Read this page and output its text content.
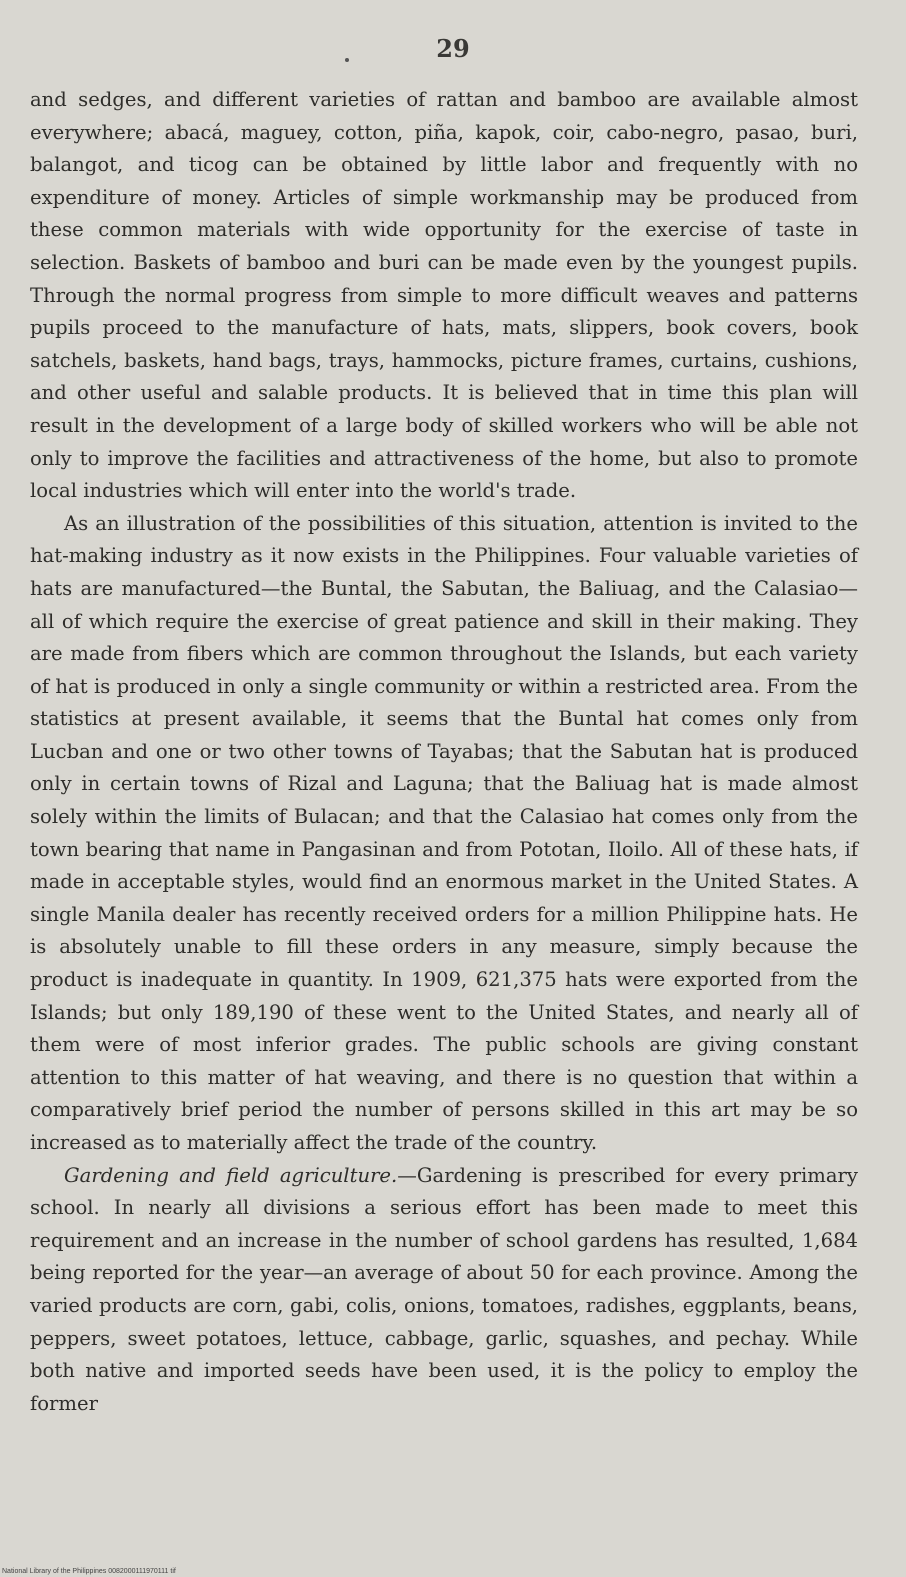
29

and sedges, and different varieties of rattan and bamboo are available almost everywhere; abacá, maguey, cotton, piña, kapok, coir, cabo-negro, pasao, buri, balangot, and ticog can be obtained by little labor and frequently with no expenditure of money. Articles of simple workmanship may be produced from these common materials with wide opportunity for the exercise of taste in selection. Baskets of bamboo and buri can be made even by the youngest pupils. Through the normal progress from simple to more difficult weaves and patterns pupils proceed to the manufacture of hats, mats, slippers, book covers, book satchels, baskets, hand bags, trays, hammocks, picture frames, curtains, cushions, and other useful and salable products. It is believed that in time this plan will result in the development of a large body of skilled workers who will be able not only to improve the facilities and attractiveness of the home, but also to promote local industries which will enter into the world's trade.

As an illustration of the possibilities of this situation, attention is invited to the hat-making industry as it now exists in the Philippines. Four valuable varieties of hats are manufactured—the Buntal, the Sabutan, the Baliuag, and the Calasiao—all of which require the exercise of great patience and skill in their making. They are made from fibers which are common throughout the Islands, but each variety of hat is produced in only a single community or within a restricted area. From the statistics at present available, it seems that the Buntal hat comes only from Lucban and one or two other towns of Tayabas; that the Sabutan hat is produced only in certain towns of Rizal and Laguna; that the Baliuag hat is made almost solely within the limits of Bulacan; and that the Calasiao hat comes only from the town bearing that name in Pangasinan and from Pototan, Iloilo. All of these hats, if made in acceptable styles, would find an enormous market in the United States. A single Manila dealer has recently received orders for a million Philippine hats. He is absolutely unable to fill these orders in any measure, simply because the product is inadequate in quantity. In 1909, 621,375 hats were exported from the Islands; but only 189,190 of these went to the United States, and nearly all of them were of most inferior grades. The public schools are giving constant attention to this matter of hat weaving, and there is no question that within a comparatively brief period the number of persons skilled in this art may be so increased as to materially affect the trade of the country.

Gardening and field agriculture.—Gardening is prescribed for every primary school. In nearly all divisions a serious effort has been made to meet this requirement and an increase in the number of school gardens has resulted, 1,684 being reported for the year—an average of about 50 for each province. Among the varied products are corn, gabi, colis, onions, tomatoes, radishes, eggplants, beans, peppers, sweet potatoes, lettuce, cabbage, garlic, squashes, and pechay. While both native and imported seeds have been used, it is the policy to employ the former

National Library of the Philippines 0082000111970111 tif
